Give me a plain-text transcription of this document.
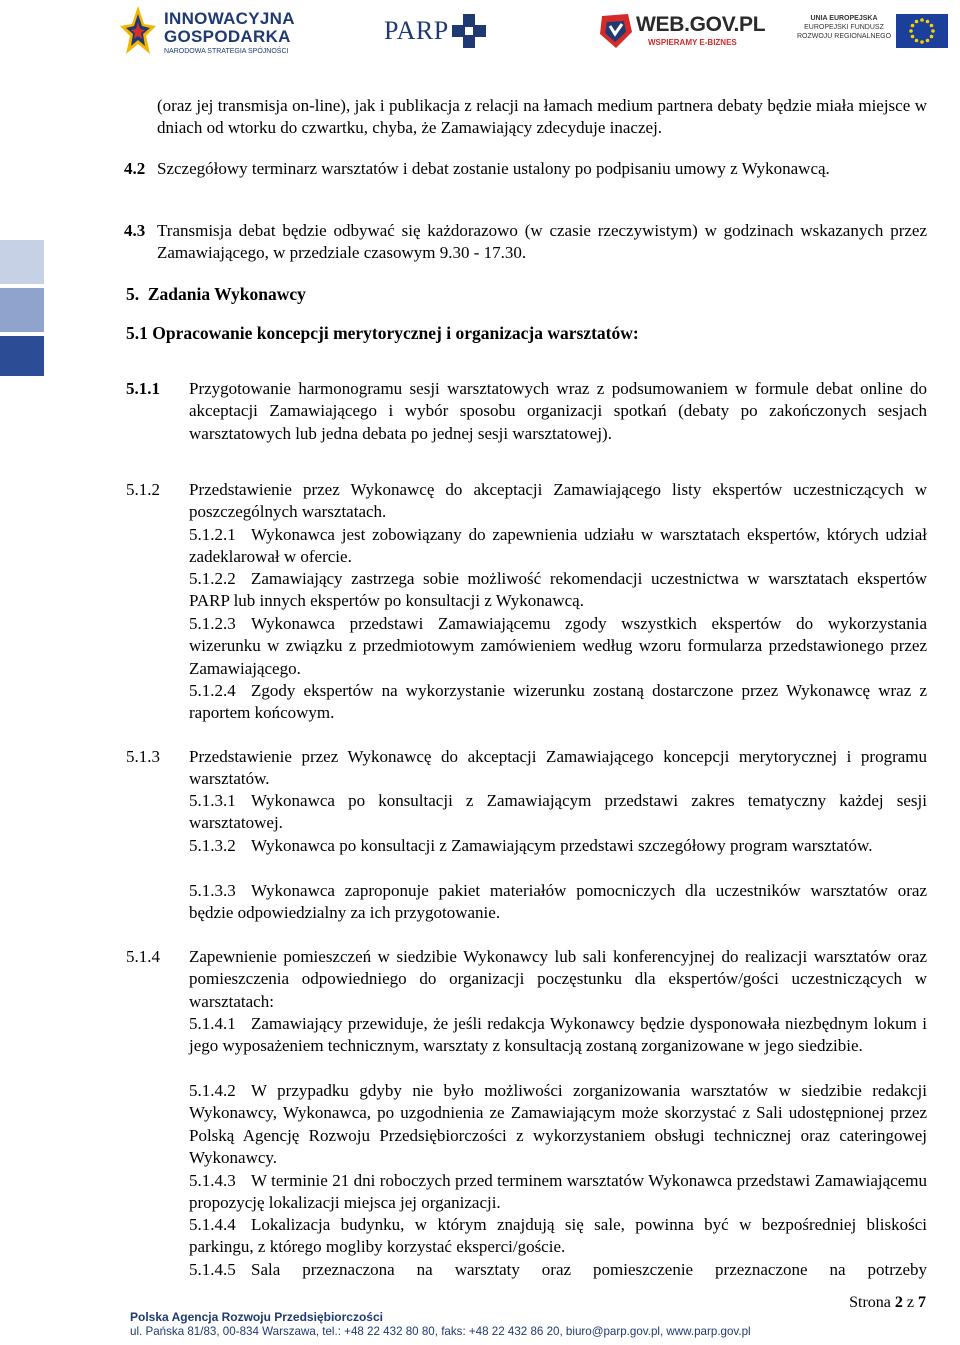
INNOWACYJNA
GOSPODARKA
NARODOWA STRATEGIA SPÓJNOŚCI
PARP	WEB.GOV.PL
WSPIERAMY E-BIZNES
UNIA EUROPEJSKA
EUROPEJSKI FUNDUSZ
ROZWOJU REGIONALNEGO
(oraz jej transmisja on-line), jak i publikacja z relacji na łamach medium partnera debaty będzie miała miejsce w dniach od wtorku do czwartku, chyba, że Zamawiający zdecyduje inaczej.
4.2 Szczegółowy terminarz warsztatów i debat zostanie ustalony po podpisaniu umowy z Wykonawcą.
4.3 Transmisja debat będzie odbywać się każdorazowo (w czasie rzeczywistym) w godzinach wskazanych przez Zamawiającego, w przedziale czasowym 9.30 - 17.30.
5.  Zadania Wykonawcy
5.1 Opracowanie koncepcji merytorycznej i organizacja warsztatów:
5.1.1 Przygotowanie harmonogramu sesji warsztatowych wraz z podsumowaniem w formule debat online do akceptacji Zamawiającego i wybór sposobu organizacji spotkań (debaty po zakończonych sesjach warsztatowych lub jedna debata po jednej sesji warsztatowej).
5.1.2 Przedstawienie przez Wykonawcę do akceptacji Zamawiającego listy ekspertów uczestniczących w poszczególnych warsztatach.
5.1.2.1 Wykonawca jest zobowiązany do zapewnienia udziału w warsztatach ekspertów, których udział zadeklarował w ofercie.
5.1.2.2 Zamawiający zastrzega sobie możliwość rekomendacji uczestnictwa w warsztatach ekspertów PARP lub innych ekspertów po konsultacji z Wykonawcą.
5.1.2.3 Wykonawca przedstawi Zamawiającemu zgody wszystkich ekspertów do wykorzystania wizerunku w związku z przedmiotowym zamówieniem według wzoru formularza przedstawionego przez Zamawiającego.
5.1.2.4 Zgody ekspertów na wykorzystanie wizerunku zostaną dostarczone przez Wykonawcę wraz z raportem końcowym.
5.1.3 Przedstawienie przez Wykonawcę do akceptacji Zamawiającego koncepcji merytorycznej i programu warsztatów.
5.1.3.1 Wykonawca po konsultacji z Zamawiającym przedstawi zakres tematyczny każdej sesji warsztatowej.
5.1.3.2 Wykonawca po konsultacji z Zamawiającym przedstawi szczegółowy program warsztatów.
5.1.3.3 Wykonawca zaproponuje pakiet materiałów pomocniczych dla uczestników warsztatów oraz będzie odpowiedzialny za ich przygotowanie.
5.1.4 Zapewnienie pomieszczeń w siedzibie Wykonawcy lub sali konferencyjnej do realizacji warsztatów oraz pomieszczenia odpowiedniego do organizacji poczęstunku dla ekspertów/gości uczestniczących w warsztatach:
5.1.4.1 Zamawiający przewiduje, że jeśli redakcja Wykonawcy będzie dysponowała niezbędnym lokum i jego wyposażeniem technicznym, warsztaty z konsultacją zostaną zorganizowane w jego siedzibie.
5.1.4.2 W przypadku gdyby nie było możliwości zorganizowania warsztatów w siedzibie redakcji Wykonawcy, Wykonawca, po uzgodnienia ze Zamawiającym może skorzystać z Sali udostępnionej przez Polską Agencję Rozwoju Przedsiębiorczości z wykorzystaniem obsługi technicznej oraz cateringowej Wykonawcy.
5.1.4.3 W terminie 21 dni roboczych przed terminem warsztatów Wykonawca przedstawi Zamawiającemu propozycję lokalizacji miejsca jej organizacji.
5.1.4.4 Lokalizacja budynku, w którym znajdują się sale, powinna być w bezpośredniej bliskości parkingu, z którego mogliby korzystać eksperci/goście.
5.1.4.5 Sala przeznaczona na warsztaty oraz pomieszczenie przeznaczone na potrzeby
Strona 2 z 7
Polska Agencja Rozwoju Przedsiębiorczości
ul. Pańska 81/83, 00-834 Warszawa, tel.: +48 22 432 80 80, faks: +48 22 432 86 20, biuro@parp.gov.pl, www.parp.gov.pl
